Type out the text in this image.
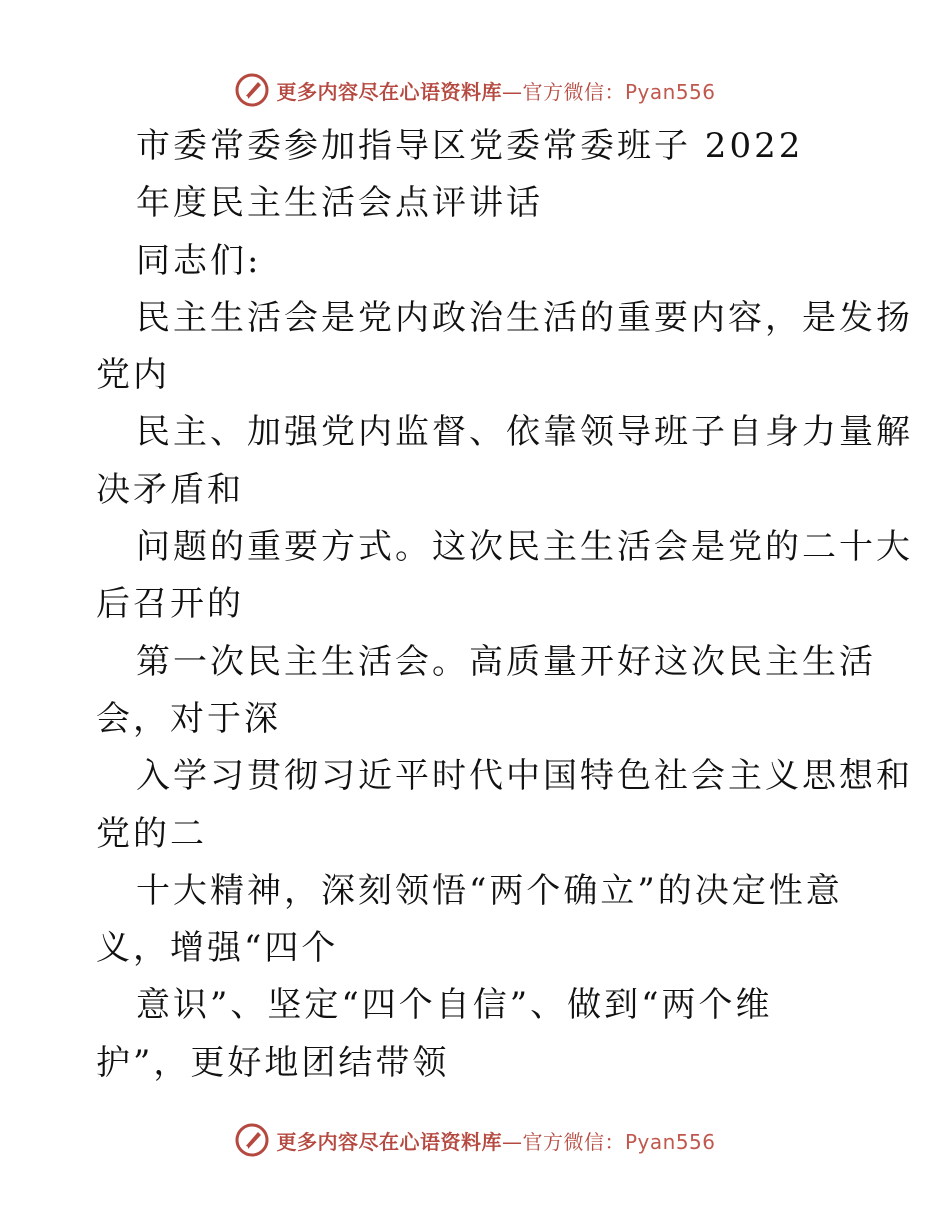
更多内容尽在心语资料库—官方微信：Pyan556
市委常委参加指导区党委常委班子 2022
年度民主生活会点评讲话
同志们:
民主生活会是党内政治生活的重要内容，是发扬
党内
民主、加强党内监督、依靠领导班子自身力量解
决矛盾和
问题的重要方式。这次民主生活会是党的二十大
后召开的
第一次民主生活会。高质量开好这次民主生活
会，对于深
入学习贯彻习近平时代中国特色社会主义思想和
党的二
十大精神，深刻领悟“两个确立”的决定性意
义，增强“四个
意识”、坚定“四个自信”、做到“两个维
护”，更好地团结带领
更多内容尽在心语资料库—官方微信：Pyan556
